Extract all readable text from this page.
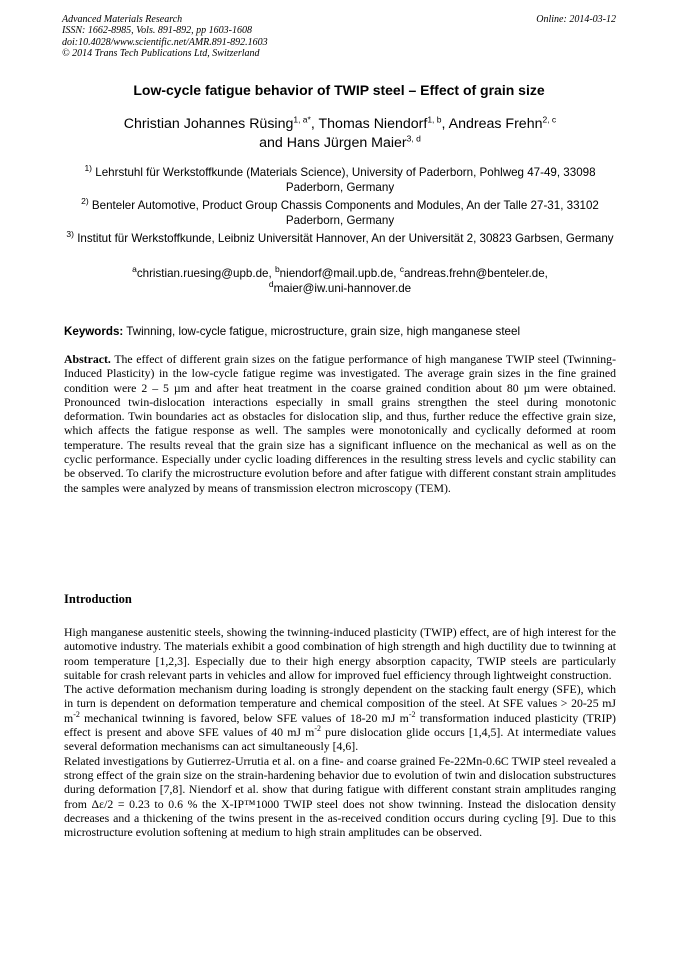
Online: 2014-03-12
Advanced Materials Research
ISSN: 1662-8985, Vols. 891-892, pp 1603-1608
doi:10.4028/www.scientific.net/AMR.891-892.1603
© 2014 Trans Tech Publications Ltd, Switzerland
Low-cycle fatigue behavior of TWIP steel – Effect of grain size
Christian Johannes Rüsing$^{1, a*}$, Thomas Niendorf$^{1, b}$, Andreas Frehn$^{2, c}$
and Hans Jürgen Maier$^{3, d}$
$^{1)}$ Lehrstuhl für Werkstoffkunde (Materials Science), University of Paderborn, Pohlweg 47-49, 33098 Paderborn, Germany
$^{2)}$ Benteler Automotive, Product Group Chassis Components and Modules, An der Talle 27-31, 33102 Paderborn, Germany
$^{3)}$ Institut für Werkstoffkunde, Leibniz Universität Hannover, An der Universität 2, 30823 Garbsen, Germany
$^a$christian.ruesing@upb.de, $^b$niendorf@mail.upb.de, $^c$andreas.frehn@benteler.de,
$^d$maier@iw.uni-hannover.de
Keywords: Twinning, low-cycle fatigue, microstructure, grain size, high manganese steel
Abstract. The effect of different grain sizes on the fatigue performance of high manganese TWIP steel (Twinning-Induced Plasticity) in the low-cycle fatigue regime was investigated. The average grain sizes in the fine grained condition were 2 – 5 µm and after heat treatment in the coarse grained condition about 80 µm were obtained. Pronounced twin-dislocation interactions especially in small grains strengthen the steel during monotonic deformation. Twin boundaries act as obstacles for dislocation slip, and thus, further reduce the effective grain size, which affects the fatigue response as well. The samples were monotonically and cyclically deformed at room temperature. The results reveal that the grain size has a significant influence on the mechanical as well as on the cyclic performance. Especially under cyclic loading differences in the resulting stress levels and cyclic stability can be observed. To clarify the microstructure evolution before and after fatigue with different constant strain amplitudes the samples were analyzed by means of transmission electron microscopy (TEM).
Introduction

High manganese austenitic steels, showing the twinning-induced plasticity (TWIP) effect, are of high interest for the automotive industry. The materials exhibit a good combination of high strength and high ductility due to twinning at room temperature [1,2,3]. Especially due to their high energy absorption capacity, TWIP steels are particularly suitable for crash relevant parts in vehicles and allow for improved fuel efficiency through lightweight construction.

The active deformation mechanism during loading is strongly dependent on the stacking fault energy (SFE), which in turn is dependent on deformation temperature and chemical composition of the steel. At SFE values > 20-25 mJ $m^{-2}$ mechanical twinning is favored, below SFE values of 18-20 mJ $m^{-2}$ transformation induced plasticity (TRIP) effect is present and above SFE values of 40 mJ $m^{-2}$ pure dislocation glide occurs [1,4,5]. At intermediate values several deformation mechanisms can act simultaneously [4,6].

Related investigations by Gutierrez-Urrutia et al. on a fine- and coarse grained Fe-22Mn-0.6C TWIP steel revealed a strong effect of the grain size on the strain-hardening behavior due to evolution of twin and dislocation substructures during deformation [7,8]. Niendorf et al. show that during fatigue with different constant strain amplitudes ranging from Δε/2 = 0.23 to 0.6 % the X-IP™1000 TWIP steel does not show twinning. Instead the dislocation density decreases and a thickening of the twins present in the as-received condition occurs during cycling [9]. Due to this microstructure evolution softening at medium to high strain amplitudes can be observed.
